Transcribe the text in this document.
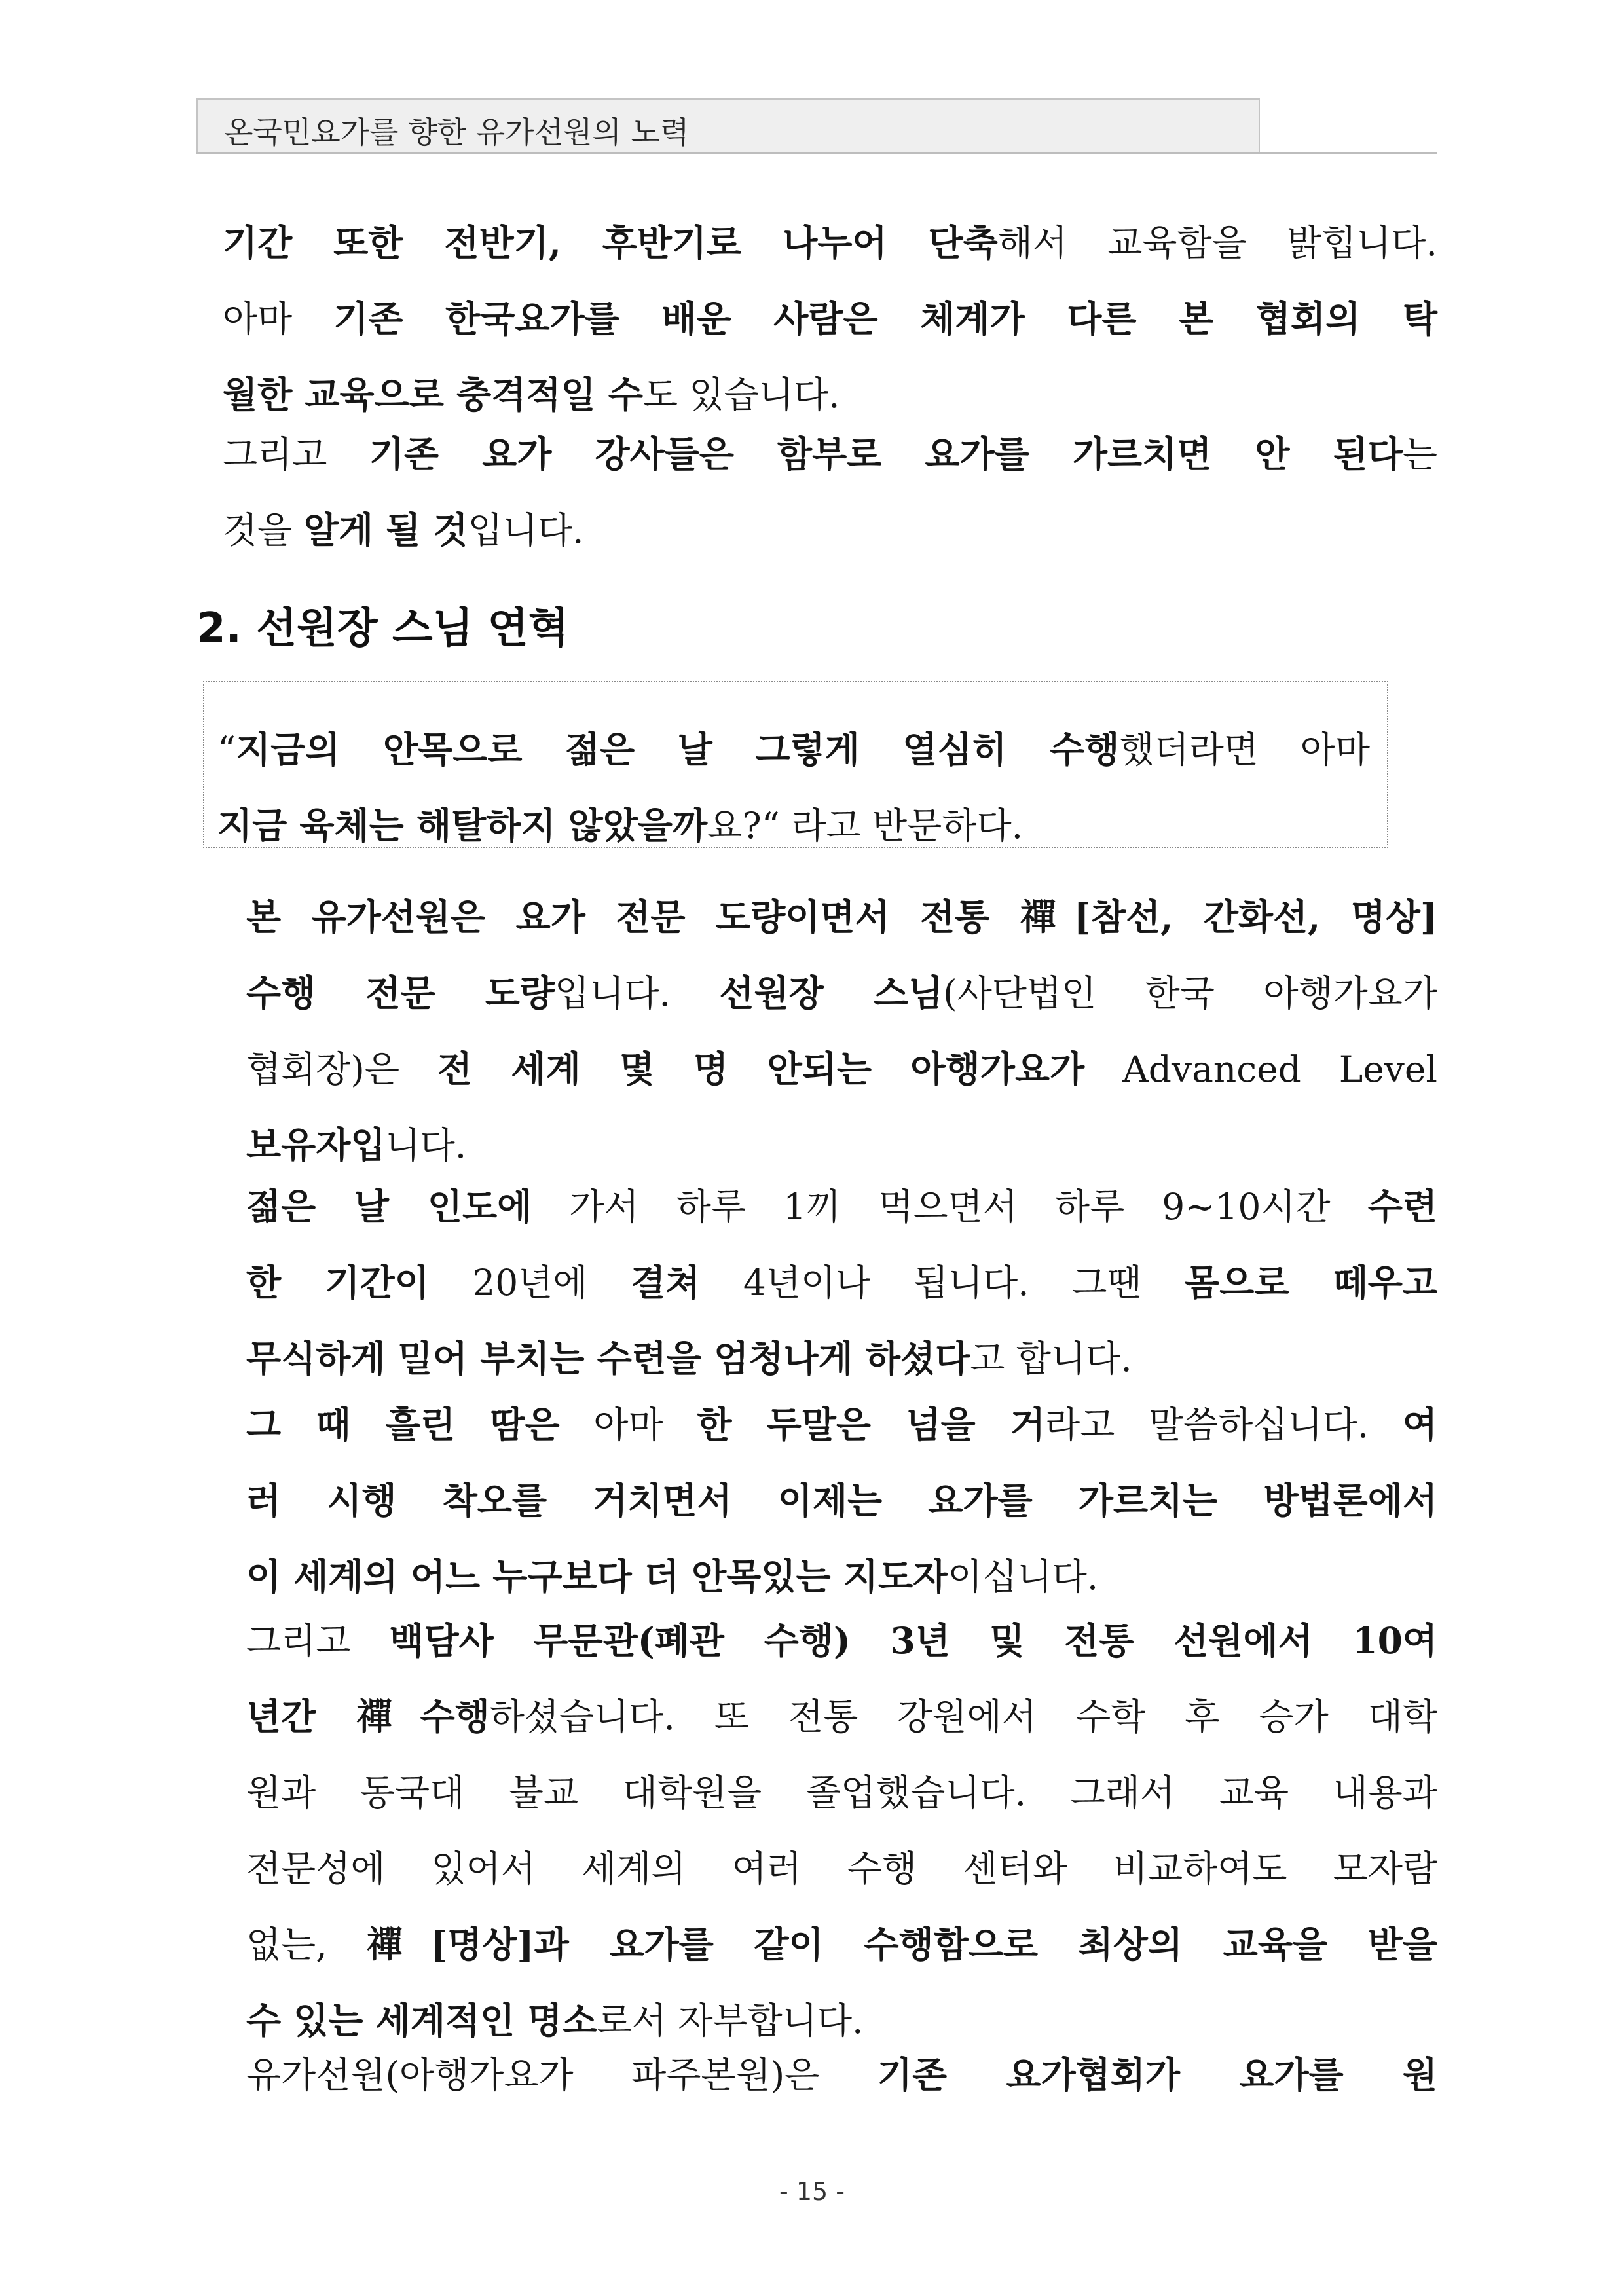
온국민요가를 향한 유가선원의 노력

기간 또한 전반기, 후반기로 나누어 단축해서 교육함을 밝힙니다.

아마 기존 한국요가를 배운 사람은 체계가 다른 본 협회의 탁

월한 교육으로 충격적일 수도 있습니다.

그리고 기존 요가 강사들은 함부로 요가를 가르치면 안 된다는

것을 알게 될 것입니다.

2. 선원장 스님 연혁

“지금의 안목으로 젊은 날 그렇게 열심히 수행했더라면 아마

지금 육체는 해탈하지 않았을까요?“ 라고 반문하다.

본 유가선원은 요가 전문 도량이면서 전통 禪[참선, 간화선, 명상]

수행 전문 도량입니다. 선원장 스님(사단법인 한국 아행가요가

협회장)은 전 세계 몇 명 안되는 아행가요가 Advanced Level

보유자입니다.

젊은 날 인도에 가서 하루 1끼 먹으면서 하루 9~10시간 수련

한 기간이 20년에 결쳐 4년이나 됩니다. 그땐 몸으로 떼우고

무식하게 밀어 부치는 수련을 엄청나게 하셨다고 합니다.

그 때 흘린 땀은 아마 한 두말은 넘을 거라고 말씀하십니다. 여

러 시행 착오를 거치면서 이제는 요가를 가르치는 방법론에서

이 세계의 어느 누구보다 더 안목있는 지도자이십니다.

그리고 백담사 무문관(폐관 수행) 3년 및 전통 선원에서 10여

년간 禪수행하셨습니다. 또 전통 강원에서 수학 후 승가 대학

원과 동국대 불교 대학원을 졸업했습니다. 그래서 교육 내용과

전문성에 있어서 세계의 여러 수행 센터와 비교하여도 모자람

없는, 禪[명상]과 요가를 같이 수행함으로 최상의 교육을 받을

수 있는 세계적인 명소로서 자부합니다.

유가선원(아행가요가 파주본원)은 기존 요가협회가 요가를 원

- 15 -
